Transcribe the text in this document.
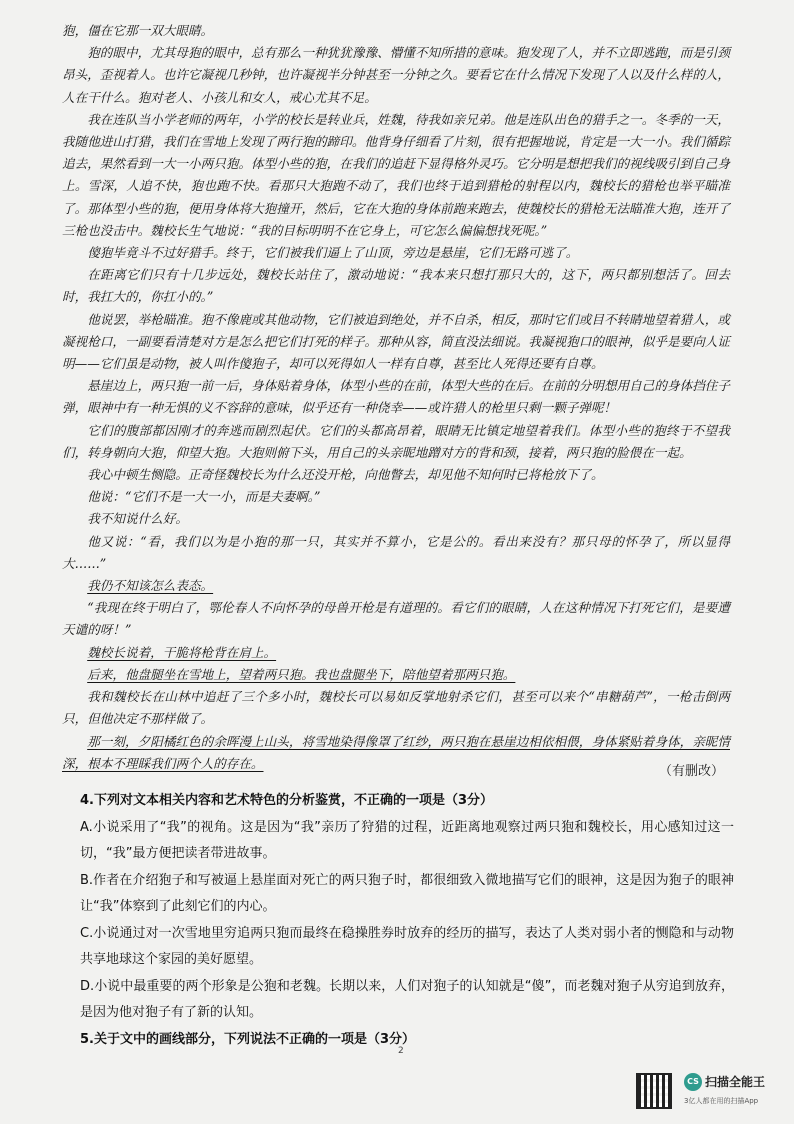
狍，僵在它那一双大眼睛。

狍的眼中，尤其母狍的眼中，总有那么一种犹犹豫豫、懵懂不知所措的意味。狍发现了人，并不立即逃跑，而是引颈昂头，歪视着人。也许它凝视几秒钟，也许凝视半分钟甚至一分钟之久。要看它在什么情况下发现了人以及什么样的人，人在干什么。狍对老人、小孩儿和女人，戒心尤其不足。

我在连队当小学老师的两年，小学的校长是转业兵，姓魏，待我如亲兄弟。他是连队出色的猎手之一。冬季的一天，我随他进山打猎，我们在雪地上发现了两行狍的蹄印。他背身仔细看了片刻，很有把握地说，肯定是一大一小。我们循踪追去，果然看到一大一小两只狍。体型小些的狍，在我们的追赶下显得格外灵巧。它分明是想把我们的视线吸引到自己身上。雪深，人追不快，狍也跑不快。看那只大狍跑不动了，我们也终于追到猎枪的射程以内，魏校长的猎枪也举平瞄准了。那体型小些的狍，便用身体将大狍撞开，然后，它在大狍的身体前跑来跑去，使魏校长的猎枪无法瞄准大狍，连开了三枪也没击中。魏校长生气地说：“我的目标明明不在它身上，可它怎么偏偏想找死呢。”

傻狍毕竟斗不过好猎手。终于，它们被我们逼上了山顶，旁边是悬崖，它们无路可逃了。

在距离它们只有十几步远处，魏校长站住了，激动地说：“我本来只想打那只大的，这下，两只都别想活了。回去时，我扛大的，你扛小的。”

他说罢，举枪瞄准。狍不像鹿或其他动物，它们被追到绝处，并不自杀，相反，那时它们或目不转睛地望着猎人，或凝视枪口，一副要看清楚对方是怎么把它们打死的样子。那种从容，简直没法细说。我凝视狍口的眼神，似乎是要向人证明——它们虽是动物，被人叫作傻狍子，却可以死得如人一样有自尊，甚至比人死得还要有自尊。

悬崖边上，两只狍一前一后，身体贴着身体，体型小些的在前，体型大些的在后。在前的分明想用自己的身体挡住子弹，眼神中有一种无惧的义不容辞的意味，似乎还有一种侥幸——或许猎人的枪里只剩一颗子弹呢！

它们的腹部都因刚才的奔逃而剧烈起伏。它们的头都高昂着，眼睛无比镇定地望着我们。体型小些的狍终于不望我们，转身朝向大狍，仰望大狍。大狍则俯下头，用自己的头亲昵地蹭对方的背和颈，接着，两只狍的脸偎在一起。

我心中顿生恻隐。正奇怪魏校长为什么还没开枪，向他瞥去，却见他不知何时已将枪放下了。

他说：“它们不是一大一小，而是夫妻啊。”

我不知说什么好。

他又说：“看，我们以为是小狍的那一只，其实并不算小，它是公的。看出来没有？那只母的怀孕了，所以显得大……”

我仍不知该怎么表态。

“我现在终于明白了，鄂伦春人不向怀孕的母兽开枪是有道理的。看它们的眼睛，人在这种情况下打死它们，是要遭天谴的呀！”

魏校长说着，干脆将枪背在肩上。

后来，他盘腿坐在雪地上，望着两只狍。我也盘腿坐下，陪他望着那两只狍。

我和魏校长在山林中追赶了三个多小时，魏校长可以易如反掌地射杀它们，甚至可以来个“串糖葫芦”，一枪击倒两只，但他决定不那样做了。

那一刻，夕阳橘红色的余晖漫上山头，将雪地染得像罩了红纱，两只狍在悬崖边相依相偎，身体紧贴着身体，亲昵情深，根本不理睬我们两个人的存在。

（有删改）

4.下列对文本相关内容和艺术特色的分析鉴赏，不正确的一项是（3分）

A.小说采用了“我”的视角。这是因为“我”亲历了狩猎的过程，近距离地观察过两只狍和魏校长，用心感知过这一切，“我”最方便把读者带进故事。

B.作者在介绍狍子和写被逼上悬崖面对死亡的两只狍子时，都很细致入微地描写它们的眼神，这是因为狍子的眼神让“我”体察到了此刻它们的内心。

C.小说通过对一次雪地里穷追两只狍而最终在稳操胜券时放弃的经历的描写，表达了人类对弱小者的恻隐和与动物共享地球这个家园的美好愿望。

D.小说中最重要的两个形象是公狍和老魏。长期以来，人们对狍子的认知就是“傻”，而老魏对狍子从穷追到放弃，是因为他对狍子有了新的认知。

5.关于文中的画线部分，下列说法不正确的一项是（3分）

2
CS 扫描全能王
3亿人都在用的扫描App
